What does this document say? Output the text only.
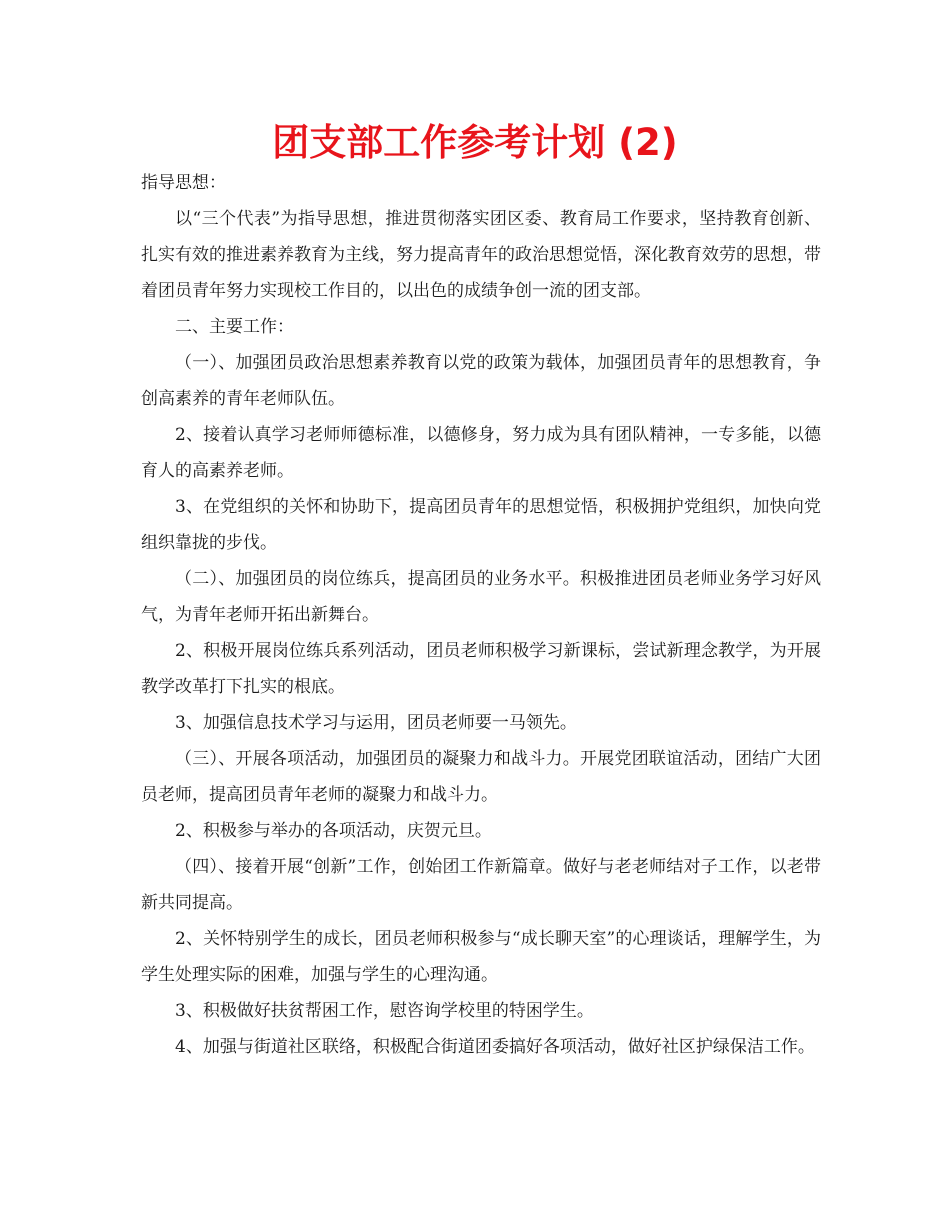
团支部工作参考计划 (2)

指导思想：

以“三个代表”为指导思想，推进贯彻落实团区委、教育局工作要求，坚持教育创新、扎实有效的推进素养教育为主线，努力提高青年的政治思想觉悟，深化教育效劳的思想，带着团员青年努力实现校工作目的，以出色的成绩争创一流的团支部。

二、主要工作：

（一）、加强团员政治思想素养教育以党的政策为载体，加强团员青年的思想教育，争创高素养的青年老师队伍。

2、接着认真学习老师师德标准，以德修身，努力成为具有团队精神，一专多能，以德育人的高素养老师。

3、在党组织的关怀和协助下，提高团员青年的思想觉悟，积极拥护党组织，加快向党组织靠拢的步伐。

（二）、加强团员的岗位练兵，提高团员的业务水平。积极推进团员老师业务学习好风气，为青年老师开拓出新舞台。

2、积极开展岗位练兵系列活动，团员老师积极学习新课标，尝试新理念教学，为开展教学改革打下扎实的根底。

3、加强信息技术学习与运用，团员老师要一马领先。

（三）、开展各项活动，加强团员的凝聚力和战斗力。开展党团联谊活动，团结广大团员老师，提高团员青年老师的凝聚力和战斗力。

2、积极参与举办的各项活动，庆贺元旦。

（四）、接着开展“创新”工作，创始团工作新篇章。做好与老老师结对子工作，以老带新共同提高。

2、关怀特别学生的成长，团员老师积极参与“成长聊天室”的心理谈话，理解学生，为学生处理实际的困难，加强与学生的心理沟通。

3、积极做好扶贫帮困工作，慰咨询学校里的特困学生。

4、加强与街道社区联络，积极配合街道团委搞好各项活动，做好社区护绿保洁工作。
